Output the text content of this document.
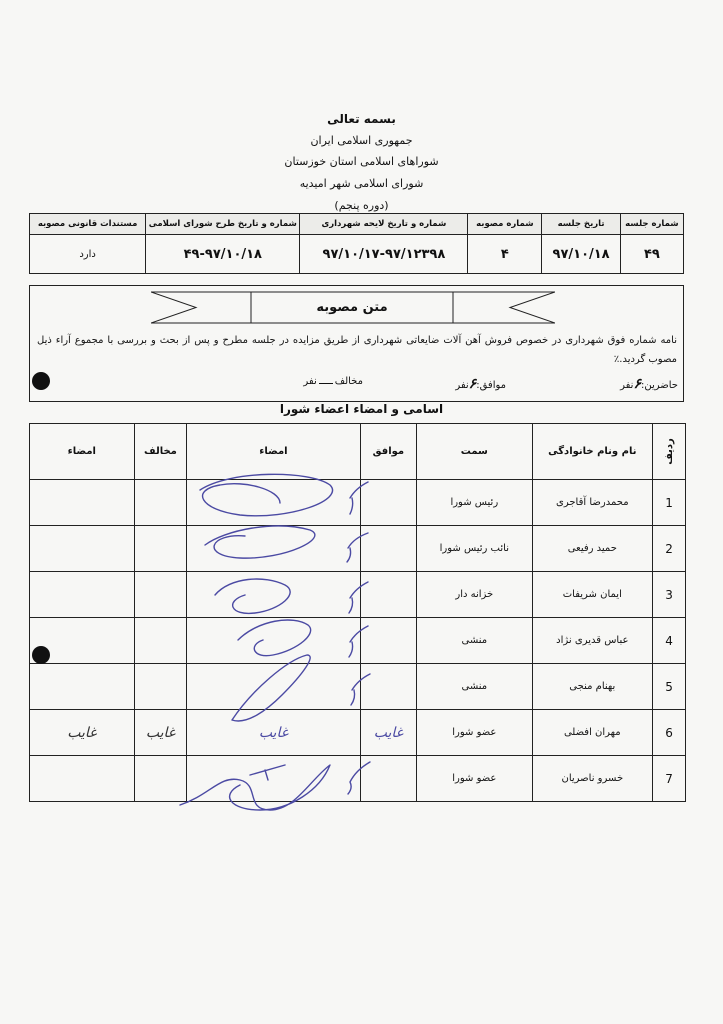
بسمه تعالی
جمهوری اسلامی ایران
شوراهای اسلامی استان خوزستان
شورای اسلامی شهر امیدیه
(دوره پنجم)
شماره جلسه	تاریخ جلسه	شماره مصوبه	شماره و تاریخ لایحه شهرداری	شماره و تاریخ طرح شورای اسلامی	مستندات قانونی مصوبه
۴۹	۹۷/۱۰/۱۸	۴	۹۷/۱۰/۱۷-۹۷/۱۲۳۹۸	۴۹-۹۷/۱۰/۱۸	دارد
متن مصوبه
نامه شماره فوق شهرداری در خصوص فروش آهن آلات ضایعاتی شهرداری از طریق مزایده در جلسه مطرح و پس از بحث و بررسی با مجموع آراء ذیل مصوب گردید.٪
حاضرین:۶نفر
موافق:۶نفر
مخالفنفر
اسامی و امضاء اعضاء شورا
ردیف	نام ونام خانوادگی	سمت	موافق	امضاء	مخالف	امضاء
1	محمدرضا آقاجری	رئیس شورا				
2	حمید رفیعی	نائب رئیس شورا				
3	ایمان شریفات	خزانه دار				
4	عباس قدیری نژاد	منشی				
5	بهنام منجی	منشی				
6	مهران افضلی	عضو شورا	غایب	غایب	غایب	غایب
7	خسرو ناصریان	عضو شورا				
